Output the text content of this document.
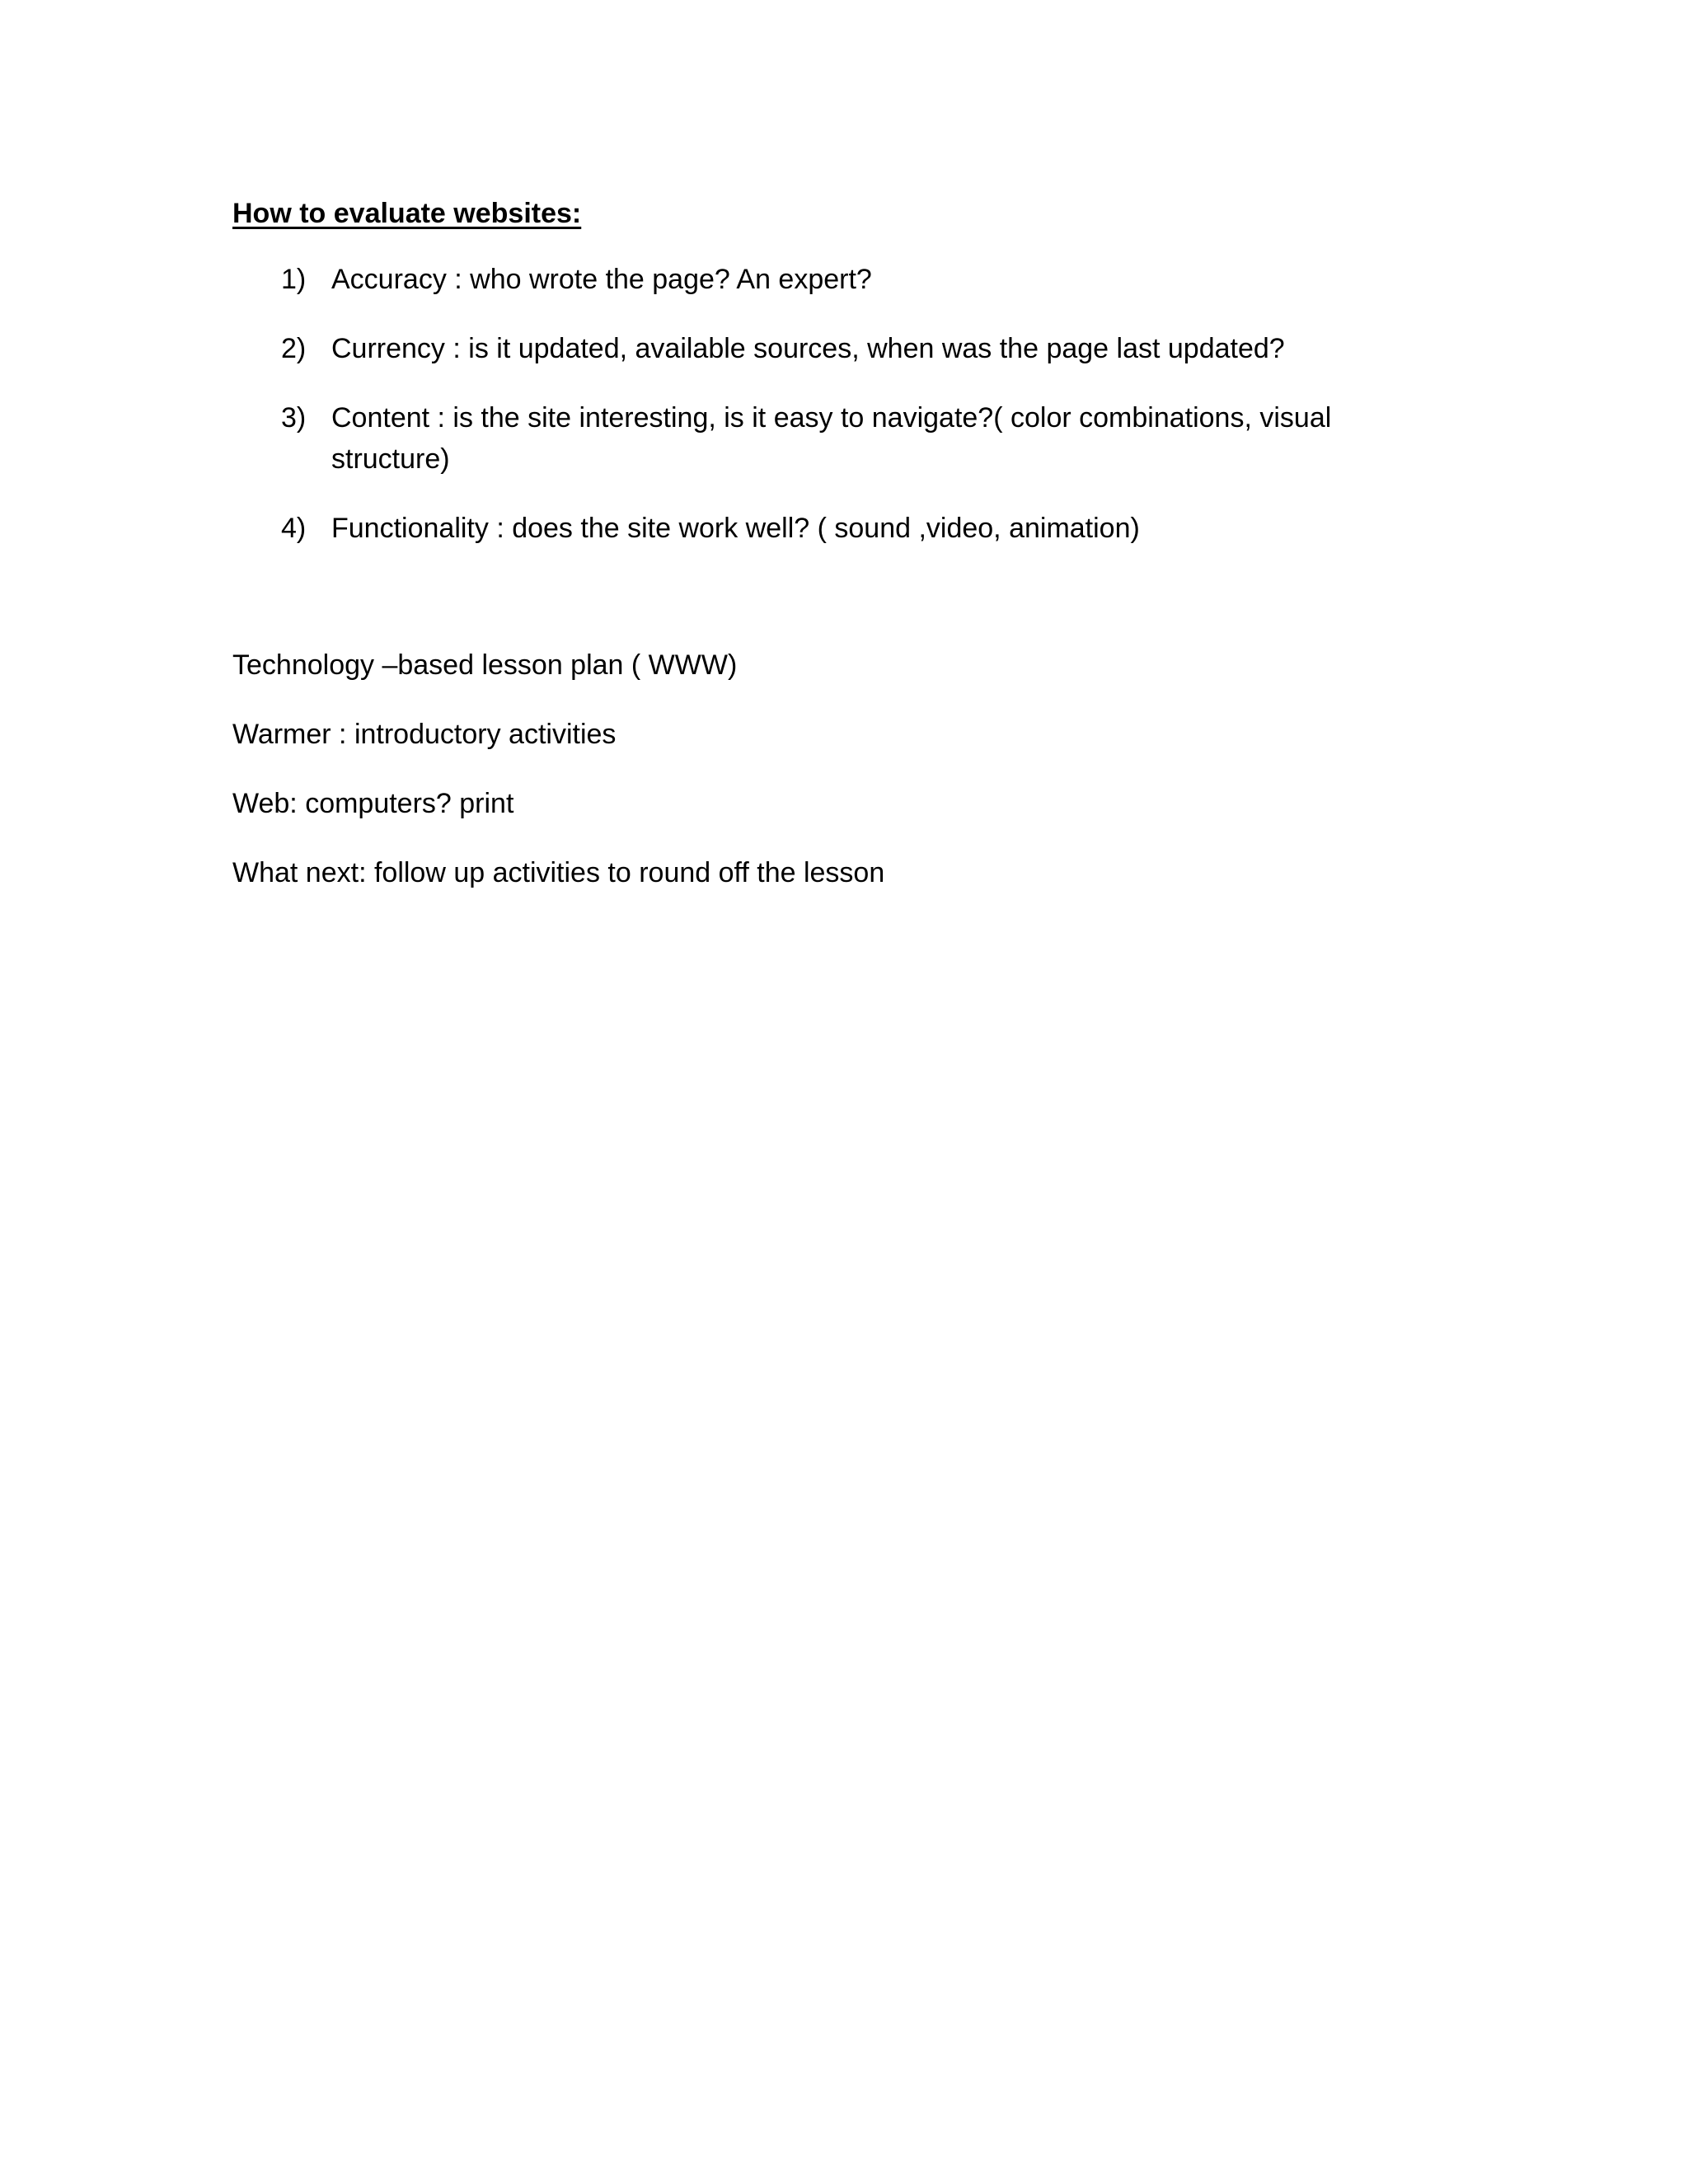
How to evaluate websites:
1) Accuracy : who wrote the page? An expert?
2) Currency : is it updated, available sources, when was the page last updated?
3) Content : is the site interesting, is it easy to navigate?( color combinations, visual structure)
4) Functionality : does the site work well? ( sound ,video, animation)

Technology –based lesson plan ( WWW)

Warmer : introductory activities

Web: computers? print

What next: follow up activities to round off the lesson
